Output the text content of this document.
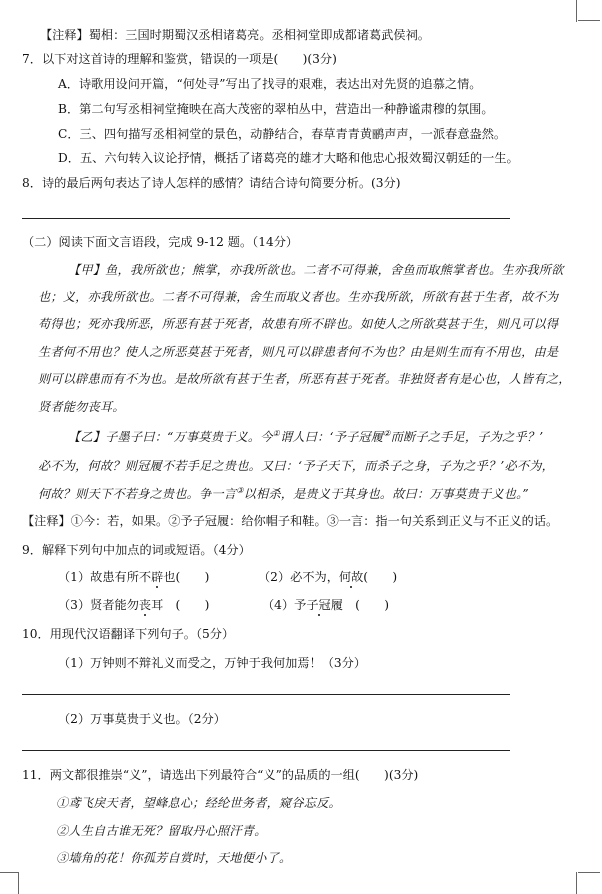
【注释】蜀相：三国时期蜀汉丞相诸葛亮。丞相祠堂即成都诸葛武侯祠。
7．以下对这首诗的理解和鉴赏，错误的一项是(　　)(3分)
A．诗歌用设问开篇，“何处寻”写出了找寻的艰难，表达出对先贤的追慕之情。
B．第二句写丞相祠堂掩映在高大茂密的翠柏丛中，营造出一种静谧肃穆的氛围。
C．三、四句描写丞相祠堂的景色，动静结合，春草青青黄鹂声声，一派春意盎然。
D．五、六句转入议论抒情，概括了诸葛亮的雄才大略和他忠心报效蜀汉朝廷的一生。
8．诗的最后两句表达了诗人怎样的感情？请结合诗句简要分析。(3分)
（二）阅读下面文言语段，完成 9-12 题。（14分）
【甲】鱼，我所欲也；熊掌，亦我所欲也。二者不可得兼，舍鱼而取熊掌者也。生亦我所欲
也；义，亦我所欲也。二者不可得兼，舍生而取义者也。生亦我所欲，所欲有甚于生者，故不为
苟得也；死亦我所恶，所恶有甚于死者，故患有所不辟也。如使人之所欲莫甚于生，则凡可以得
生者何不用也？使人之所恶莫甚于死者，则凡可以辟患者何不为也？由是则生而有不用也，由是
则可以辟患而有不为也。是故所欲有甚于生者，所恶有甚于死者。非独贤者有是心也，人皆有之，
贤者能勿丧耳。
【乙】子墨子曰：“万事莫贵于义。今①谓人曰：‘予子冠履②而断子之手足，子为之乎？’
必不为，何故？则冠履不若手足之贵也。又曰：‘予子天下，而杀子之身，子为之乎？’必不为，
何故？则天下不若身之贵也。争一言③以相杀，是贵义于其身也。故曰：万事莫贵于义也。”
【注释】①今：若，如果。②予子冠履：给你帽子和鞋。③一言：指一句关系到正义与不正义的话。
9．解释下列句中加点的词或短语。（4分）
（1）故患有所不辟也(　　)	（2）必不为，何故(　　)
（3）贤者能勿丧耳　(　　)	（4）予子冠履　(　　)
10．用现代汉语翻译下列句子。（5分）
（1）万钟则不辩礼义而受之，万钟于我何加焉！（3分）
（2）万事莫贵于义也。（2分）
11．两文都很推崇“义”，请选出下列最符合“义”的品质的一组(　　)(3分)
①鸢飞戾天者，望峰息心；经纶世务者，窥谷忘反。
②人生自古谁无死？留取丹心照汗青。
③墙角的花！你孤芳自赏时，天地便小了。
